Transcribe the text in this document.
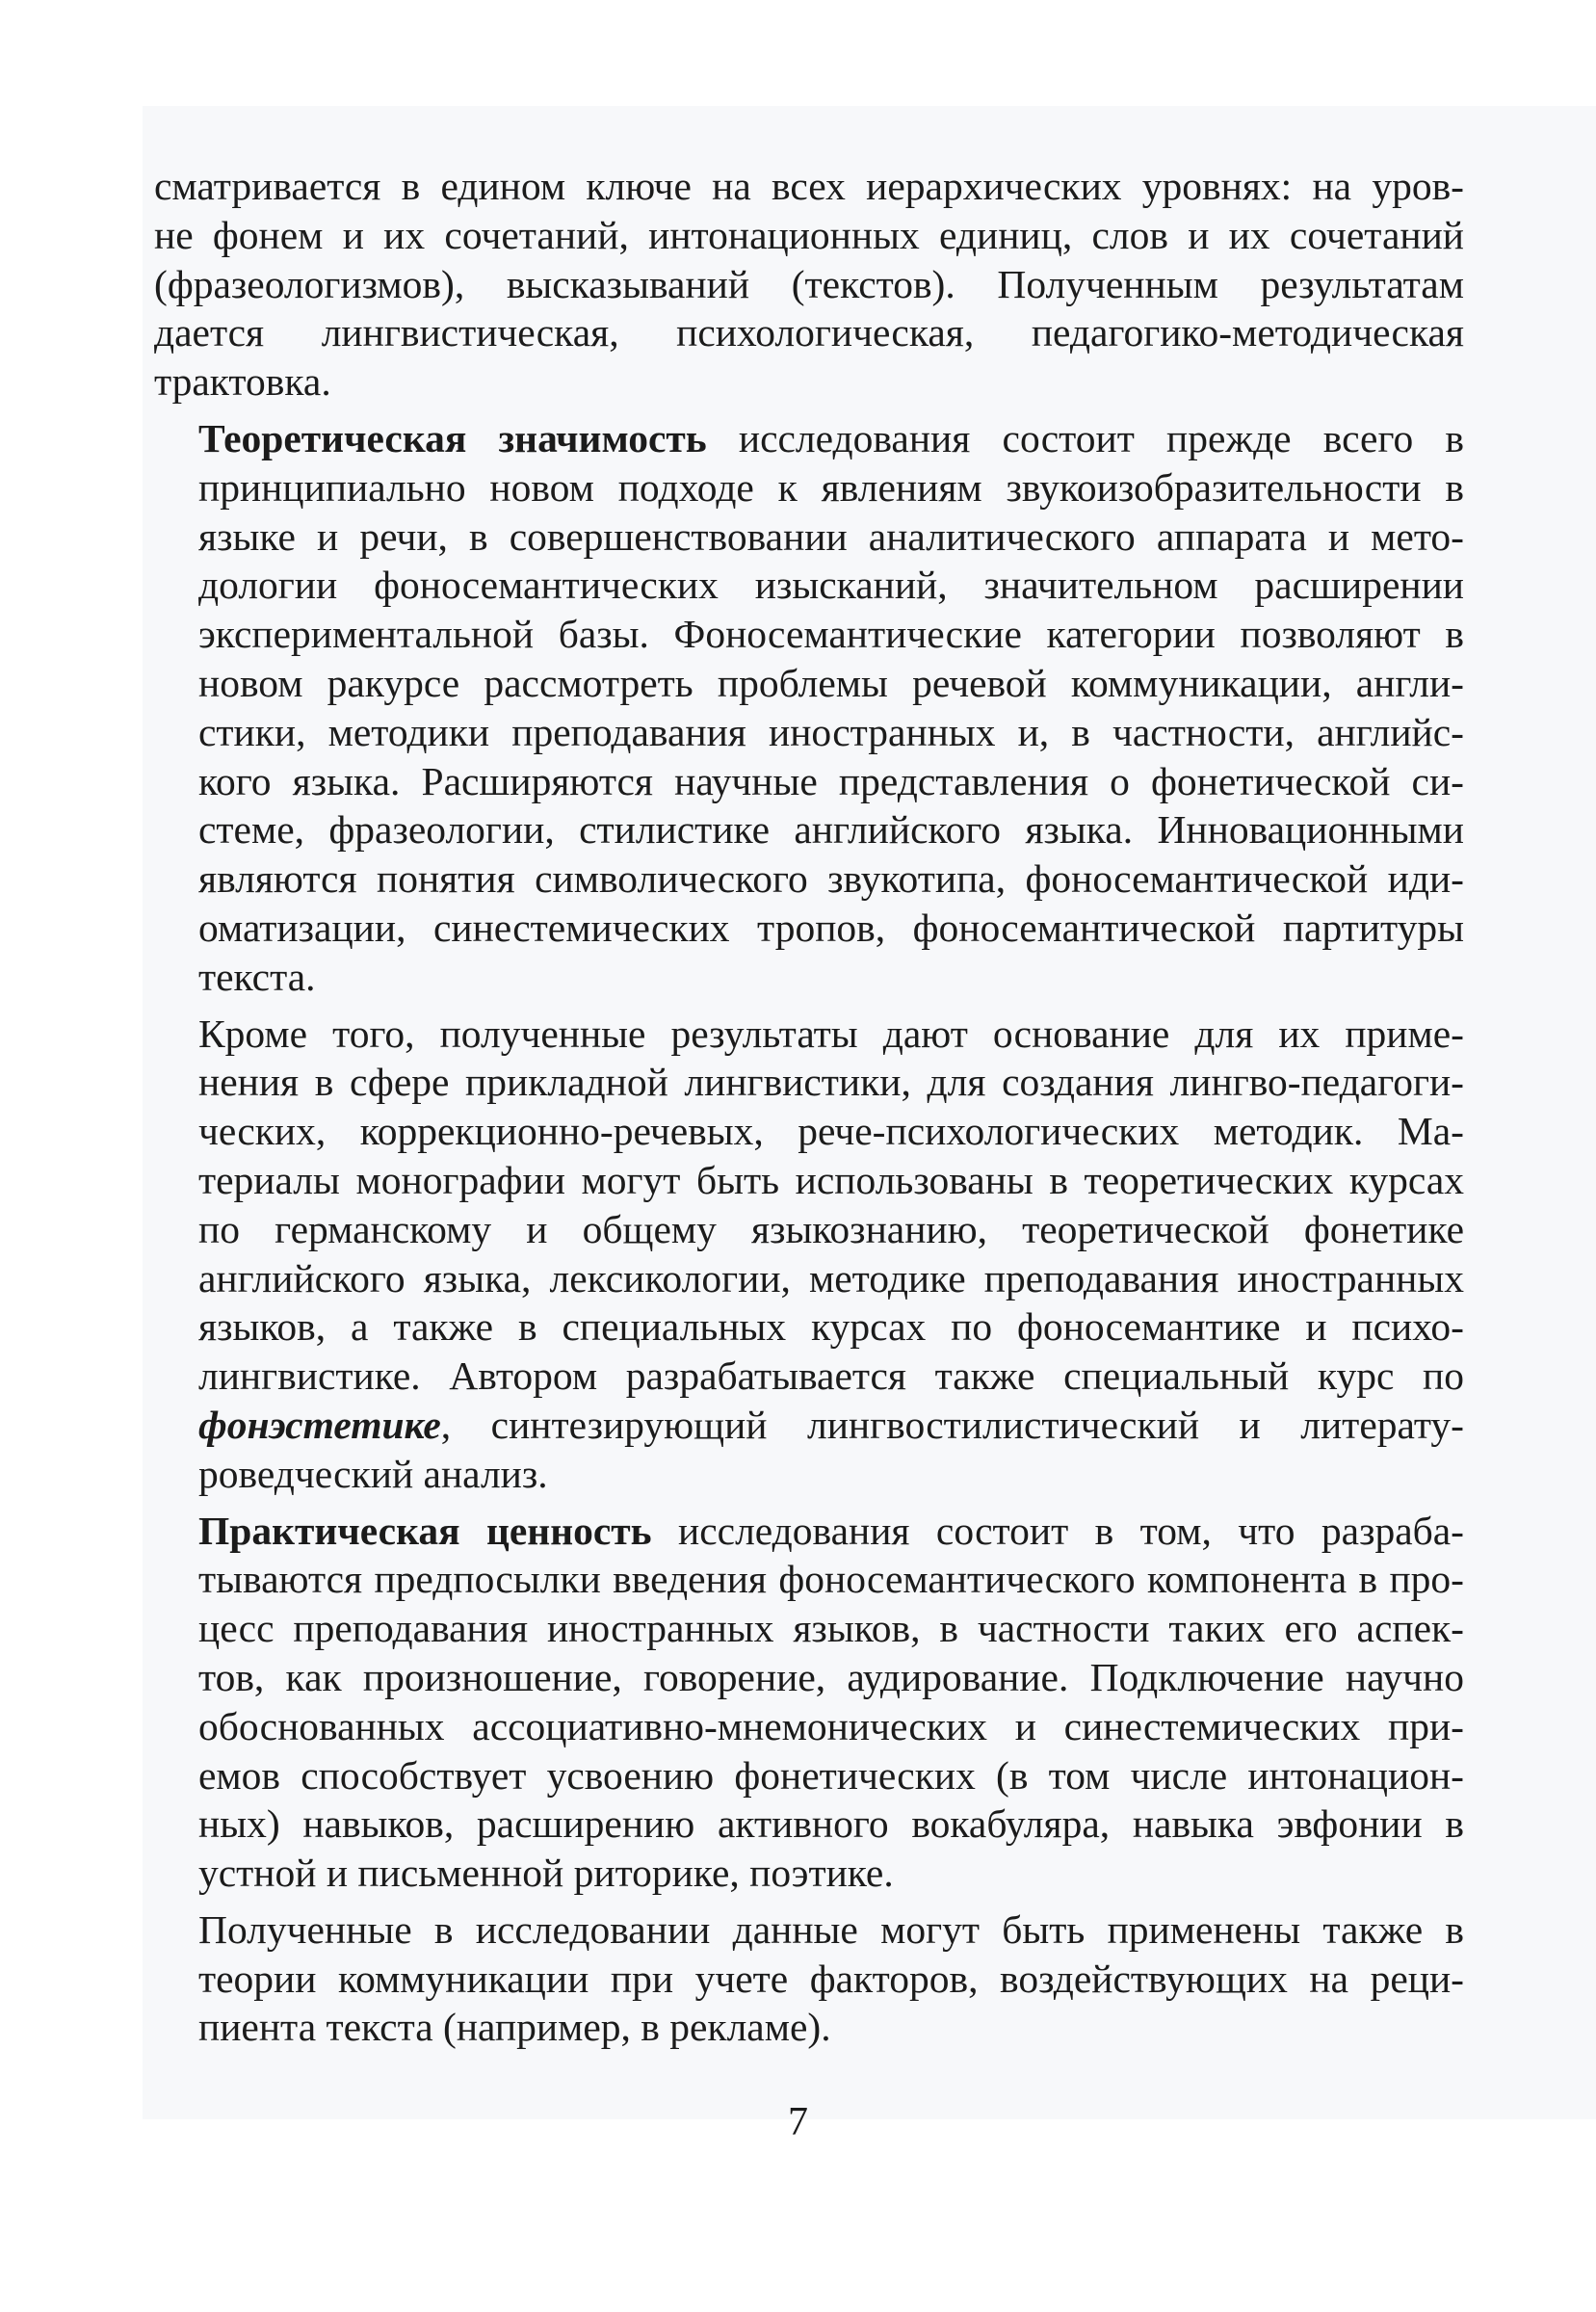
сматривается в едином ключе на всех иерархических уровнях: на уров-
не фонем и их сочетаний, интонационных единиц, слов и их сочетаний
(фразеологизмов), высказываний (текстов). Полученным результатам
дается лингвистическая, психологическая, педагогико-методическая
трактовка.
Теоретическая значимость исследования состоит прежде всего в
принципиально новом подходе к явлениям звукоизобразительности в
языке и речи, в совершенствовании аналитического аппарата и мето-
дологии фоносемантических изысканий, значительном расширении
экспериментальной базы. Фоносемантические категории позволяют в
новом ракурсе рассмотреть проблемы речевой коммуникации, англи-
стики, методики преподавания иностранных и, в частности, английс-
кого языка. Расширяются научные представления о фонетической си-
стеме, фразеологии, стилистике английского языка. Инновационными
являются понятия символического звукотипа, фоносемантической иди-
оматизации, синестемических тропов, фоносемантической партитуры
текста.
Кроме того, полученные результаты дают основание для их приме-
нения в сфере прикладной лингвистики, для создания лингво-педагоги-
ческих, коррекционно-речевых, рече-психологических методик. Ма-
териалы монографии могут быть использованы в теоретических курсах
по германскому и общему языкознанию, теоретической фонетике
английского языка, лексикологии, методике преподавания иностранных
языков, а также в специальных курсах по фоносемантике и психо-
лингвистике. Автором разрабатывается также специальный курс по
фонэстетике, синтезирующий лингвостилистический и литерату-
роведческий анализ.
Практическая ценность исследования состоит в том, что разраба-
тываются предпосылки введения фоносемантического компонента в про-
цесс преподавания иностранных языков, в частности таких его аспек-
тов, как произношение, говорение, аудирование. Подключение научно
обоснованных ассоциативно-мнемонических и синестемических при-
емов способствует усвоению фонетических (в том числе интонацион-
ных) навыков, расширению активного вокабуляра, навыка эвфонии в
устной и письменной риторике, поэтике.
Полученные в исследовании данные могут быть применены также в
теории коммуникации при учете факторов, воздействующих на реци-
пиента текста (например, в рекламе).
7
